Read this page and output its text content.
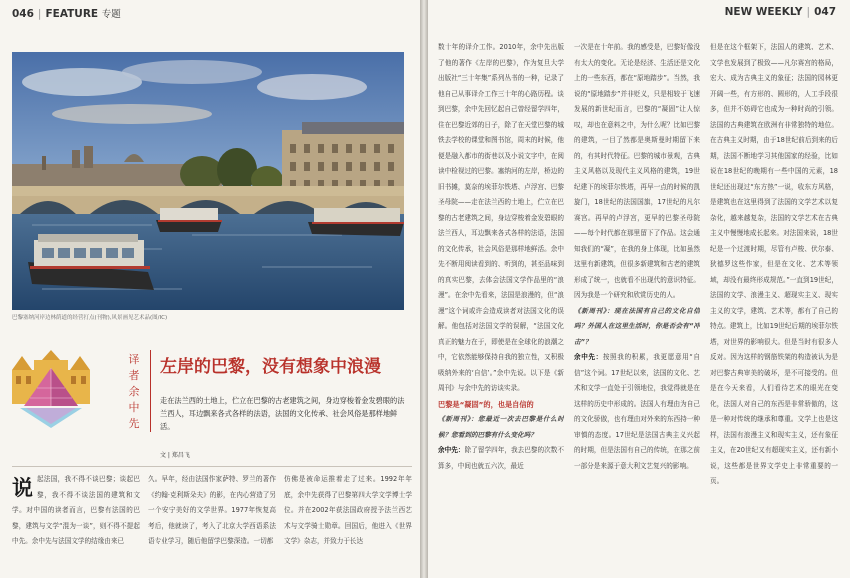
046 | FEATURE 专题
巴黎塞纳河岸边林荫道的经营打点(刊物),风景画见艺术品(图/IC)
译者余中先
左岸的巴黎，没有想象中浪漫
走在法兰西的土地上，伫立在巴黎的古老建筑之间，身边穿梭着金发碧眼的法兰西人，耳边飘来各式各样的法语，法国的文化传承、社会风俗是那样地鲜活。
文 | 郑昌飞
说起法国，我不得不谈巴黎；谈起巴黎，我不得不谈法国的建筑和文学。对中国的读者而言，巴黎有法国的巴黎，建筑与文学“混为一谈”，则不得不提起中先。余中先与法国文学的结缘由来已
久。早年，经由法国作家萨特、罗兰的著作《约翰·克利斯朵夫》的影，在内心营造了另一个安宁美好的文学世界。1977年恢复高考后，他就读了，考入了北京大学西语系法语专业学习，随后他留学巴黎深造。一切都
仿佛是被命运推着走了过来。1992年年底，余中先获得了巴黎第四大学文学博士学位。并在2002年获法国政府授予法兰西艺术与文学骑士勋章。回国后，他进入《世界文学》杂志，并致力于长达
NEW WEEKLY | 047

数十年的译介工作。2010年，余中先出版了他的著作《左岸的巴黎》，作为复旦大学出版社“三十年集”系列丛书的一种，记录了他自己从事译介工作三十年的心路历程。谈到巴黎，余中先回忆起自己曾经留学四年，住在巴黎近郊的日子，除了在天堂巴黎的城铁去学校的课堂和图书馆，周末的时候，他便是融入都市的街巷以及小说文字中，在阅读中检视过的巴黎。塞纳河的左岸，桥边的旧书摊，莫奈的埃菲尔铁塔、卢浮宫、巴黎圣母院——走在法兰西的土地上，伫立在巴黎的古老建筑之间，身边穿梭着金发碧眼的法兰西人，耳边飘来各式各样的法语，法国的文化传承，社会风俗是那样地鲜活。余中先不断用阅读看到的、听到的，甚至品味到的真实巴黎，去体会法国文学作品里的“浪漫”。在余中先看来，法国是浪漫的，但“浪漫”这个词或许会造成读者对法国文化的误解。他包括对法国文学的误解，“法国文化真正的魅力在于，即使是在全球化的浪潮之中，它依然能够保持自我的独立性，又积极吸纳外来的‘自信’。”余中先说。以下是《新周刊》与余中先的访谈实录。

巴黎是“凝固”的，也是自信的

《新周刊》：您最近一次去巴黎是什么时候？您看到的巴黎有什么变化吗？

余中先：除了留学四年，我去巴黎的次数不算多，中间也就五六次，最近

一次是在十年前。我的感受是，巴黎好像没有太大的变化。无论是经济、生活还是文化上的一些东西，都在“原地踏步”。当然，我说的“原地踏步”并非贬义，只是相较于飞速发展的新世纪而言，巴黎的“凝固”让人惊叹，却也在意料之中，为什么呢？比如巴黎的建筑，一目了然都是奥斯曼时期留下来的，有其时代特征。巴黎的城市景观，古典主义风格以及现代主义风格的建筑，19世纪建下的埃菲尔铁塔，再早一点的时候的凯旋门，18世纪的法国国旗，17世纪的凡尔赛宫。再早的卢浮宫，更早的巴黎圣母院——每个时代都在那里留下了作品。这会通知我们的“凝”，在我的身上体现，比如虽然这里有新建筑，但很多新建筑和古老的建筑形成了统一，也就看不出现代的意识特征。因为我是一个研究和欣赏历史的人。

《新周刊》：现在法国有自己的文化自信吗？外国人在这里生活时，你是否会有“冲击”？

余中先：按照我的积累，我更愿意用“自信”这个词。17世纪以来，法国的文化、艺术和文学一直处于引领地位，我觉得就是在这样的历史中形成的。法国人有理由为自己的文化骄傲，也有理由对外来的东西持一种审慎的态度。17世纪是法国古典主义兴起的时期，但是法国有自己的传统，在那之前一部分是来源于意大利文艺复兴的影响。

但是在这个框架下，法国人的建筑、艺术、文学也发展到了极致——凡尔赛宫的格局，宏大、成为古典主义的象征；法国的园林更开阔一些，有方形的、圆形的，人工手段很多，但并不妨碍它也成为一种时尚的引领。法国的古典建筑在欧洲有非常独特的地位。在古典主义时期，由于18世纪前后到来的后期，法国不断地学习其他国家的经验，比如说在18世纪的晚期有一些中国的元素，18世纪还出现过“东方热”一说，收东方风格，是建筑也在这里得到了法国的文学艺术以复杂化，越来越复杂，法国的文学艺术在古典主义中慢慢地成长起来。对法国来说，18世纪是一个过渡时期，尽管有卢梭、伏尔泰、狄德罗这些作家，但是在文化、艺术等领域，却没有最终形成规范。”一直到19世纪，法国的文学、浪漫主义、超现实主义、现实主义的文学，建筑、艺术等，都有了自己的特点。建筑上，比如19世纪后期的埃菲尔铁塔，对世界的影响很大。但是当时有很多人反对。因为这样的钢筋铁架的构造被认为是对巴黎古典审美的破坏，是不可接受的。但是在今天来看，人们看待艺术的眼光在变化，法国人对自己的东西是非常骄傲的，这是一种对传统的继承和尊重。文学上也是这样，法国有浪漫主义和现实主义，还有象征主义，在20世纪又有超现实主义，还有新小说，这些都是世界文学史上非常重要的一页。
